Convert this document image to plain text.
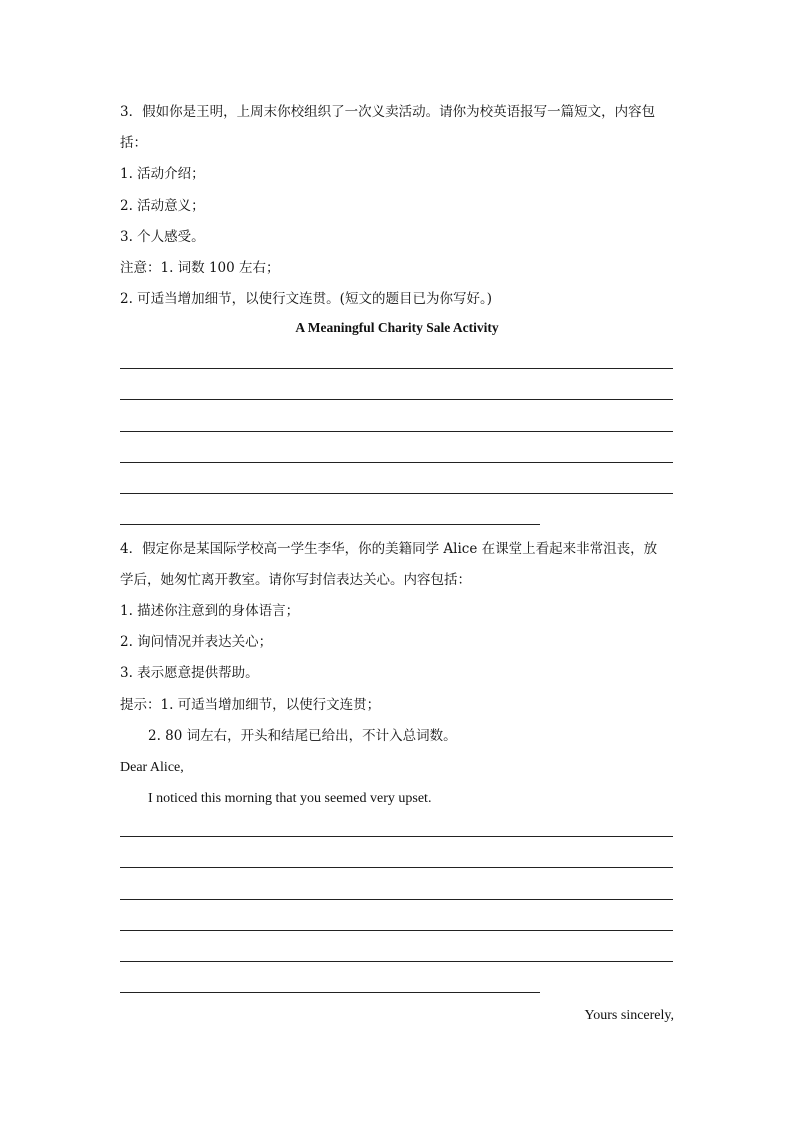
3．假如你是王明，上周末你校组织了一次义卖活动。请你为校英语报写一篇短文，内容包
括：
1. 活动介绍；
2. 活动意义；
3. 个人感受。
注意：1. 词数 100 左右；
2. 可适当增加细节，以使行文连贯。(短文的题目已为你写好。)
A Meaningful Charity Sale Activity
4．假定你是某国际学校高一学生李华，你的美籍同学 Alice 在课堂上看起来非常沮丧，放
学后，她匆忙离开教室。请你写封信表达关心。内容包括：
1. 描述你注意到的身体语言；
2. 询问情况并表达关心；
3. 表示愿意提供帮助。
提示：1. 可适当增加细节，以使行文连贯；
2. 80 词左右，开头和结尾已给出，不计入总词数。
Dear Alice,
I noticed this morning that you seemed very upset.
Yours sincerely,
